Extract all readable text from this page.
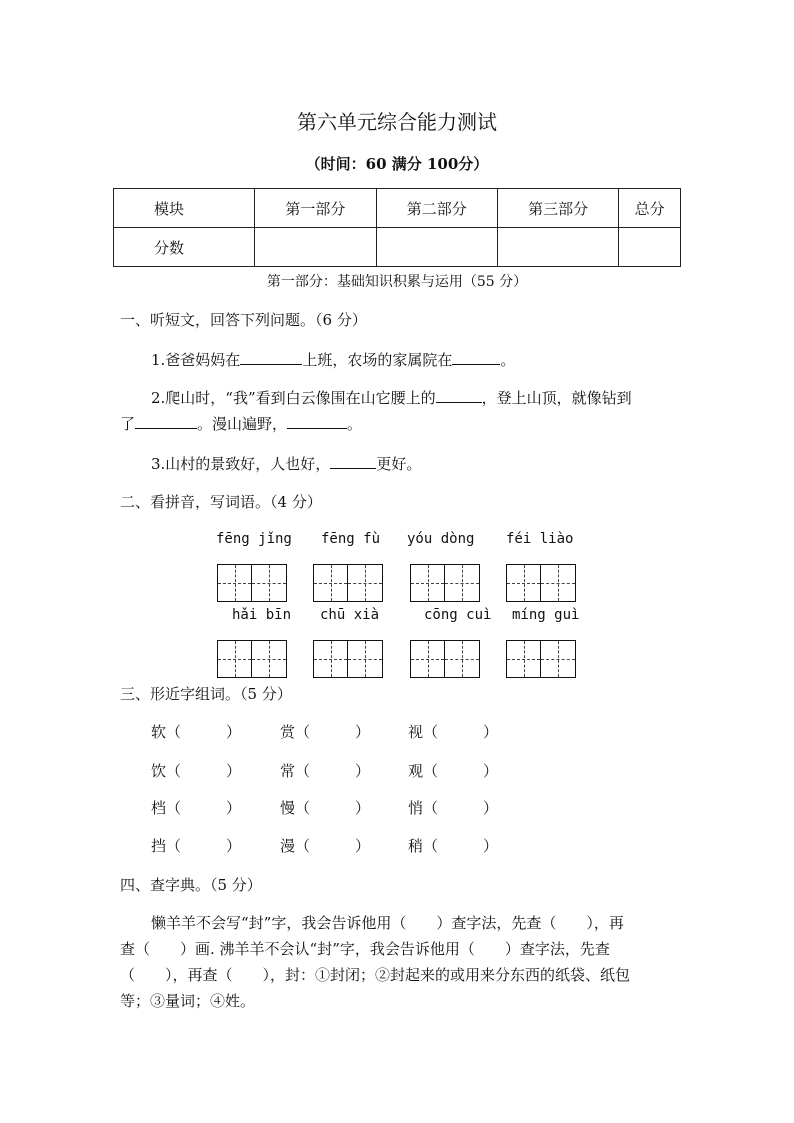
第六单元综合能力测试
（时间：60 满分 100分）
模块	第一部分	第二部分	第三部分	总分
分数				
第一部分：基础知识积累与运用（55 分）
一、听短文，回答下列问题。（6 分）
1.爸爸妈妈在	上班，农场的家属院在	。
2.爬山时，“我”看到白云像围在山它腰上的	，登上山顶，就像钻到
了	。漫山遍野，	。
3.山村的景致好，人也好，	更好。
二、看拼音，写词语。（4 分）
fēng jǐng fēng fù yóu dòng féi liào
hǎi bīn chū xià	cōng cuì míng guì
三、形近字组词。（5 分）
软（　　　）	赏（　　　）	视（　　　）
饮（　　　）	常（　　　）	观（　　　）
档（　　　）	慢（　　　）	悄（　　　）
挡（　　　）	漫（　　　）	稍（　　　）
四、查字典。（5 分）
懒羊羊不会写“封”字，我会告诉他用（　　）查字法，先查（　　），再
查（　　）画. 沸羊羊不会认“封”字，我会告诉他用（　　）查字法，先查
（　　），再查（　　），封：①封闭；②封起来的或用来分东西的纸袋、纸包
等；③量词；④姓。
